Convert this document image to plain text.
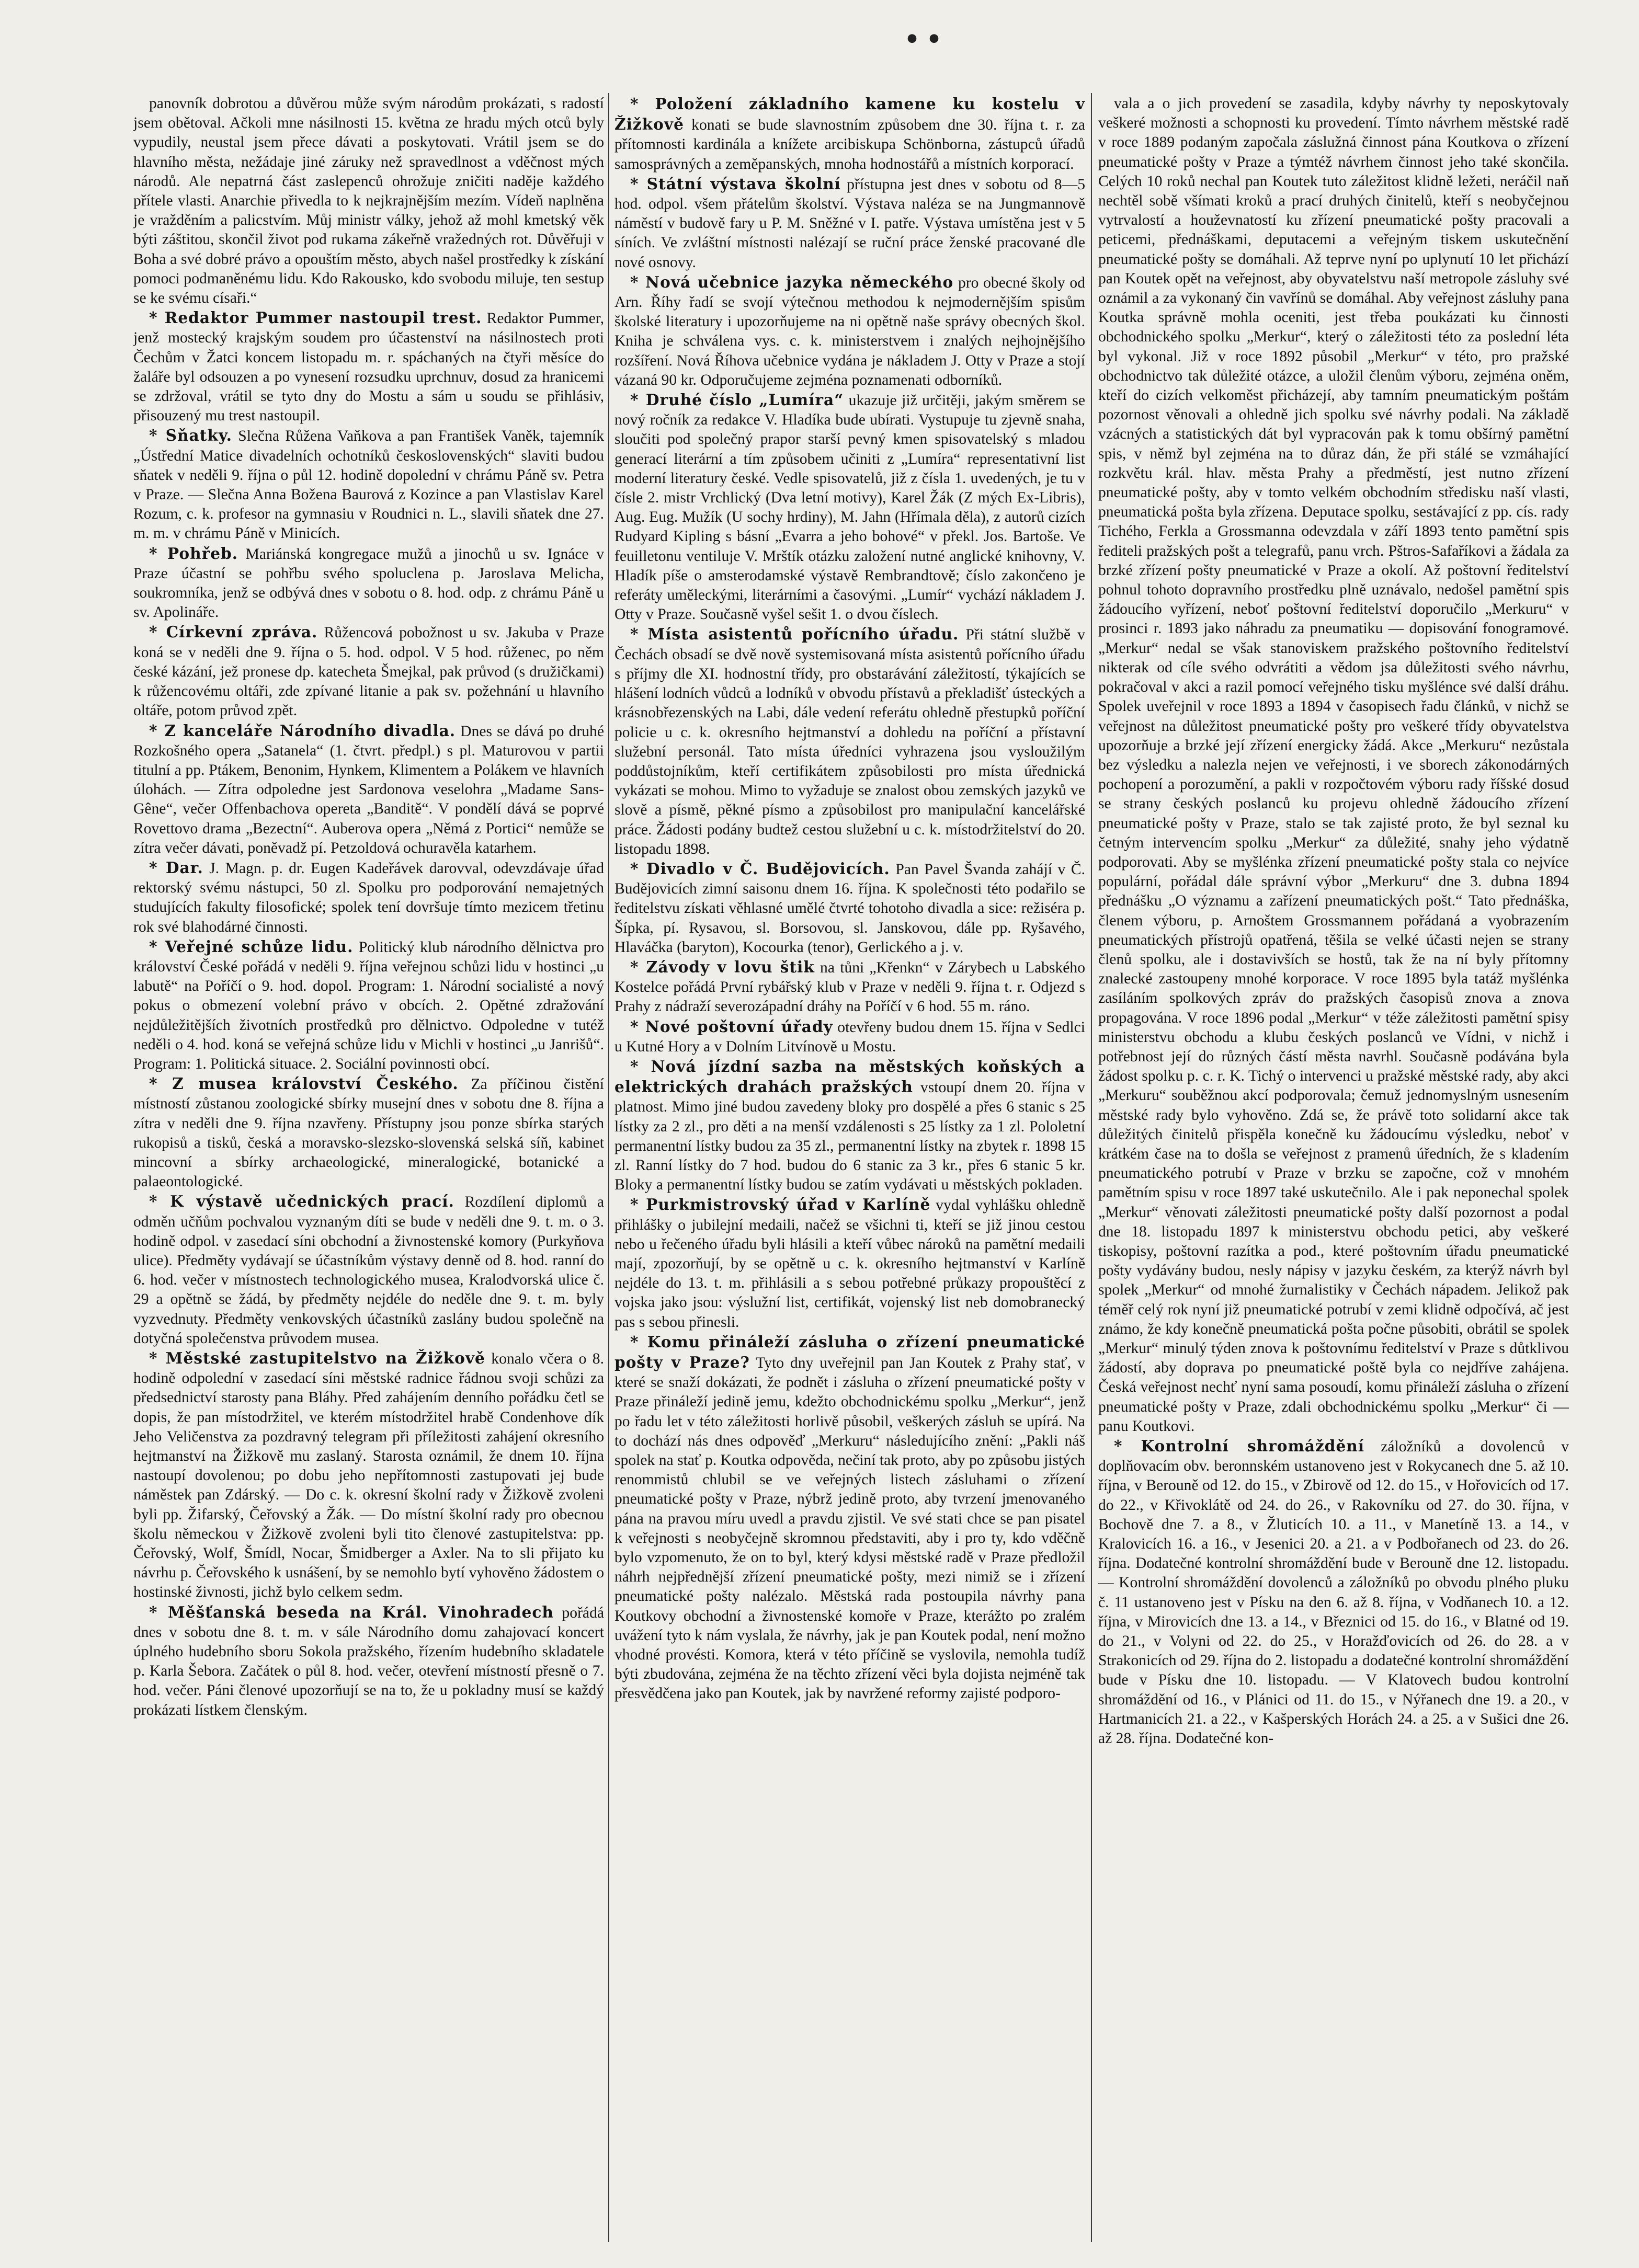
• •

panovník dobrotou a důvěrou může svým národům prokázati, s radostí jsem obětoval. Ačkoli mne násilnosti 15. května ze hradu mých otců byly vypudily, neustal jsem přece dávati a poskytovati. Vrátil jsem se do hlavního města, nežádaje jiné záruky než spravedlnost a vděčnost mých národů. Ale nepatrná část zaslepenců ohrožuje zničiti naděje každého přítele vlasti. Anarchie přivedla to k nejkrajnějším mezím. Vídeň naplněna je vražděním a palicstvím. Můj ministr války, jehož až mohl kmetský věk býti záštitou, skončil život pod rukama zákeřně vražedných rot. Důvěřuji v Boha a své dobré právo a opouštím město, abych našel prostředky k získání pomoci podmaněnému lidu. Kdo Rakousko, kdo svobodu miluje, ten sestup se ke svému císaři.“

* Redaktor Pummer nastoupil trest. Redaktor Pummer, jenž mostecký krajským soudem pro účastenství na násilnostech proti Čechům v Žatci koncem listopadu m. r. spáchaných na čtyři měsíce do žaláře byl odsouzen a po vynesení rozsudku uprchnuv, dosud za hranicemi se zdržoval, vrátil se tyto dny do Mostu a sám u soudu se přihlásiv, přisouzený mu trest nastoupil.

* Sňatky. Slečna Růžena Vaňkova a pan František Vaněk, tajemník „Ústřední Matice divadelních ochotníků československých“ slaviti budou sňatek v neděli 9. října o půl 12. hodině dopolední v chrámu Páně sv. Petra v Praze. — Slečna Anna Božena Baurová z Kozince a pan Vlastislav Karel Rozum, c. k. profesor na gymnasiu v Roudnici n. L., slavili sňatek dne 27. m. m. v chrámu Páně v Minicích.

* Pohřeb. Mariánská kongregace mužů a jinochů u sv. Ignáce v Praze účastní se pohřbu svého spoluclena p. Jaroslava Melicha, soukromníka, jenž se odbývá dnes v sobotu o 8. hod. odp. z chrámu Páně u sv. Apolináře.

* Církevní zpráva. Růžencová pobožnost u sv. Jakuba v Praze koná se v neděli dne 9. října o 5. hod. odpol. V 5 hod. růženec, po něm české kázání, jež pronese dp. katecheta Šmejkal, pak průvod (s družičkami) k růžencovému oltáři, zde zpívané litanie a pak sv. požehnání u hlavního oltáře, potom průvod zpět.

* Z kanceláře Národního divadla. Dnes se dává po druhé Rozkošného opera „Satanela“ (1. čtvrt. předpl.) s pl. Maturovou v partii titulní a pp. Ptákem, Benonim, Hynkem, Klimentem a Polákem ve hlavních úlohách. — Zítra odpoledne jest Sardonova veselohra „Madame Sans-Gêne“, večer Offenbachova opereta „Banditě“. V pondělí dává se poprvé Rovettovo drama „Bezectní“. Auberova opera „Němá z Portici“ nemůže se zítra večer dávati, poněvadž pí. Petzoldová ochuravěla katarhem.

* Dar. J. Magn. p. dr. Eugen Kadeřávek darovval, odevzdávaje úřad rektorský svému nástupci, 50 zl. Spolku pro podporování nemajetných studujících fakulty filosofické; spolek tení dovršuje tímto mezicem třetinu rok své blahodárné činnosti.

* Veřejné schůze lidu. Politický klub národního dělnictva pro království České pořádá v neděli 9. října veřejnou schůzi lidu v hostinci „u labutě“ na Poříčí o 9. hod. dopol. Program: 1. Národní socialisté a nový pokus o obmezení volební právo v obcích. 2. Opětné zdražování nejdůležitějších životních prostředků pro dělnictvo. Odpoledne v tutéž neděli o 4. hod. koná se veřejná schůze lidu v Michli v hostinci „u Janrišů“. Program: 1. Politická situace. 2. Sociální povinnosti obcí.

* Z musea království Českého. Za příčinou čistění místností zůstanou zoologické sbírky musejní dnes v sobotu dne 8. října a zítra v neděli dne 9. října nzavřeny. Přístupny jsou ponze sbírka starých rukopisů a tisků, česká a moravsko-slezsko-slovenská selská síň, kabinet mincovní a sbírky archaeologické, mineralogické, botanické a palaeontologické.

* K výstavě učednických prací. Rozdílení diplomů a odměn učňům pochvalou vyznaným díti se bude v neděli dne 9. t. m. o 3. hodině odpol. v zasedací síni obchodní a živnostenské komory (Purkyňova ulice). Předměty vydávají se účastníkům výstavy denně od 8. hod. ranní do 6. hod. večer v místnostech technologického musea, Kralodvorská ulice č. 29 a opětně se žádá, by předměty nejdéle do neděle dne 9. t. m. byly vyzvednuty. Předměty venkovských účastníků zaslány budou společně na dotyčná společenstva průvodem musea.

* Městské zastupitelstvo na Žižkově konalo včera o 8. hodině odpolední v zasedací síni městské radnice řádnou svoji schůzi za předsednictví starosty pana Bláhy. Před zahájením denního pořádku četl se dopis, že pan místodržitel, ve kterém místodržitel hrabě Condenhove dík Jeho Veličenstva za pozdravný telegram při příležitosti zahájení okresního hejtmanství na Žižkově mu zaslaný. Starosta oznámil, že dnem 10. října nastoupí dovolenou; po dobu jeho nepřítomnosti zastupovati jej bude náměstek pan Zdárský. — Do c. k. okresní školní rady v Žižkově zvoleni byli pp. Žifarský, Čeřovský a Žák. — Do místní školní rady pro obecnou školu německou v Žižkově zvoleni byli tito členové zastupitelstva: pp. Čeřovský, Wolf, Šmídl, Nocar, Šmidberger a Axler. Na to sli přijato ku návrhu p. Čeřovského k usnášení, by se nemohlo bytí vyhověno žádostem o hostinské živnosti, jichž bylo celkem sedm.

* Měšťanská beseda na Král. Vinohradech pořádá dnes v sobotu dne 8. t. m. v sále Národního domu zahajovací koncert úplného hudebního sboru Sokola pražského, řízením hudebního skladatele p. Karla Šebora. Začátek o půl 8. hod. večer, otevření místností přesně o 7. hod. večer. Páni členové upozorňují se na to, že u pokladny musí se každý prokázati lístkem členským.

* Položení základního kamene ku kostelu v Žižkově konati se bude slavnostním způsobem dne 30. října t. r. za přítomnosti kardinála a knížete arcibiskupa Schönborna, zástupců úřadů samosprávných a zeměpanských, mnoha hodnostářů a místních korporací.

* Státní výstava školní přístupna jest dnes v sobotu od 8—5 hod. odpol. všem přátelům školství. Výstava naléza se na Jungmannově náměstí v budově fary u P. M. Sněžné v I. patře. Výstava umístěna jest v 5 síních. Ve zvláštní místnosti nalézají se ruční práce ženské pracované dle nové osnovy.

* Nová učebnice jazyka německého pro obecné školy od Arn. Říhy řadí se svojí výtečnou methodou k nejmodernějším spisům školské literatury i upozorňujeme na ni opětně naše správy obecných škol. Kniha je schválena vys. c. k. ministerstvem i znalých nejhojnějšího rozšíření. Nová Říhova učebnice vydána je nákladem J. Otty v Praze a stojí vázaná 90 kr. Odporučujeme zejména poznamenati odborníků.

* Druhé číslo „Lumíra“ ukazuje již určitěji, jakým směrem se nový ročník za redakce V. Hladíka bude ubírati. Vystupuje tu zjevně snaha, sloučiti pod společný prapor starší pevný kmen spisovatelský s mladou generací literární a tím způsobem učiniti z „Lumíra“ representativní list moderní literatury české. Vedle spisovatelů, již z čísla 1. uvedených, je tu v čísle 2. mistr Vrchlický (Dva letní motivy), Karel Žák (Z mých Ex-Libris), Aug. Eug. Mužík (U sochy hrdiny), M. Jahn (Hřímala děla), z autorů cizích Rudyard Kipling s básní „Evarra a jeho bohové“ v překl. Jos. Bartoše. Ve feuilletonu ventiluje V. Mrštík otázku založení nutné anglické knihovny, V. Hladík píše o amsterodamské výstavě Rembrandtově; číslo zakončeno je referáty uměleckými, literárními a časovými. „Lumír“ vychází nákladem J. Otty v Praze. Současně vyšel sešit 1. o dvou číslech.

* Místa asistentů pořícního úřadu. Při státní službě v Čechách obsadí se dvě nově systemisovaná místa asistentů pořícního úřadu s příjmy dle XI. hodnostní třídy, pro obstarávání záležitostí, týkajících se hlášení lodních vůdců a lodníků v obvodu přístavů a překladišť ústeckých a krásnobřezenských na Labi, dále vedení referátu ohledně přestupků poříční policie u c. k. okresního hejtmanství a dohledu na poříční a přístavní služební personál. Tato místa úředníci vyhrazena jsou vysloužilým poddůstojníkům, kteří certifikátem způsobilosti pro místa úřednická vykázati se mohou. Mimo to vyžaduje se znalost obou zemských jazyků ve slově a písmě, pěkné písmo a způsobilost pro manipulační kancelářské práce. Žádosti podány budtež cestou služební u c. k. místodržitelství do 20. listopadu 1898.

* Divadlo v Č. Budějovicích. Pan Pavel Švanda zahájí v Č. Budějovicích zimní saisonu dnem 16. října. K společnosti této podařilo se ředitelstvu získati věhlasné umělé čtvrté tohotoho divadla a sice: režiséra p. Šípka, pí. Rysavou, sl. Borsovou, sl. Janskovou, dále pp. Ryšavého, Hlaváčka (barytoп), Kocourka (tenor), Gerlického a j. v.

* Závody v lovu štik na tůni „Křenkn“ v Zárybech u Labského Kostelce pořádá První rybářský klub v Praze v neděli 9. října t. r. Odjezd s Prahy z nádraží severozápadní dráhy na Poříčí v 6 hod. 55 m. ráno.

* Nové poštovní úřady otevřeny budou dnem 15. října v Sedlci u Kutné Hory a v Dolním Litvínově u Mostu.

* Nová jízdní sazba na městských koňských a elektrických drahách pražských vstoupí dnem 20. října v platnost. Mimo jiné budou zavedeny bloky pro dospělé a přes 6 stanic s 25 lístky za 2 zl., pro děti a na menší vzdálenosti s 25 lístky za 1 zl. Pololetní permanentní lístky budou za 35 zl., permanentní lístky na zbytek r. 1898 15 zl. Ranní lístky do 7 hod. budou do 6 stanic za 3 kr., přes 6 stanic 5 kr. Bloky a permanentní lístky budou se zatím vydávati u městských pokladen.

* Purkmistrovský úřad v Karlíně vydal vyhlášku ohledně přihlášky o jubilejní medaili, načež se všichni ti, kteří se již jinou cestou nebo u řečeného úřadu byli hlásili a kteří vůbec nároků na pamětní medaili mají, zpozorňují, by se opětně u c. k. okresního hejtmanství v Karlíně nejdéle do 13. t. m. přihlásili a s sebou potřebné průkazy propouštěcí z vojska jako jsou: výslužní list, certifikát, vojenský list neb domobranecký pas s sebou přinesli.

* Komu přináleží zásluha o zřízení pneumatické pošty v Praze? Tyto dny uveřejnil pan Jan Koutek z Prahy stať, v které se snaží dokázati, že podnět i zásluha o zřízení pneumatické pošty v Praze přináleží jedině jemu, kdežto obchodnickému spolku „Merkur“, jenž po řadu let v této záležitosti horlivě působil, veškerých zásluh se upírá. Na to dochází nás dnes odpověď „Merkuru“ následujícího znění: „Pakli náš spolek na stať p. Koutka odpověda, nečiní tak proto, aby po způsobu jistých renommistů chlubil se ve veřejných listech zásluhami o zřízení pneumatické pošty v Praze, nýbrž jedině proto, aby tvrzení jmenovaného pána na pravou míru uvedl a pravdu zjistil. Ve své stati chce se pan pisatel k veřejnosti s neobyčejně skromnou představiti, aby i pro ty, kdo vděčně bylo vzpomenuto, že on to byl, který kdysi městské radě v Praze předložil náhrh nejpřednější zřízení pneumatické pošty, mezi nimiž se i zřízení pneumatické pošty nalézalo. Městská rada postoupila návrhy pana Koutkovy obchodní a živnostenské komoře v Praze, kterážto po zralém uvážení tyto k nám vyslala, že návrhy, jak je pan Koutek podal, není možno vhodné provésti. Komora, která v této příčině se vyslovila, nemohla tudíž býti zbudována, zejména že na těchto zřízení věci byla dojista nejméně tak přesvědčena jako pan Koutek, jak by navržené reformy zajisté podporo-

vala a o jich provedení se zasadila, kdyby návrhy ty neposkytovaly veškeré možnosti a schopnosti ku provedení. Tímto návrhem městské radě v roce 1889 podaným započala záslužná činnost pána Koutkova o zřízení pneumatické pošty v Praze a týmtéž návrhem činnost jeho také skončila. Celých 10 roků nechal pan Koutek tuto záležitost klidně ležeti, neráčil naň nechtěl sobě všímati kroků a prací druhých činitelů, kteří s neobyčejnou vytrvalostí a houževnatostí ku zřízení pneumatické pošty pracovali a peticemi, přednáškami, deputacemi a veřejným tiskem uskutečnění pneumatické pošty se domáhali. Až teprve nyní po uplynutí 10 let přichází pan Koutek opět na veřejnost, aby obyvatelstvu naší metropole zásluhy své oznámil a za vykonaný čin vavřínů se domáhal. Aby veřejnost zásluhy pana Koutka správně mohla oceniti, jest třeba poukázati ku činnosti obchodnického spolku „Merkur“, který o záležitosti této za poslední léta byl vykonal. Již v roce 1892 působil „Merkur“ v této, pro pražské obchodnictvo tak důležité otázce, a uložil členům výboru, zejména oněm, kteří do cizích velkoměst přicházejí, aby tamním pneumatickým poštám pozornost věnovali a ohledně jich spolku své návrhy podali. Na základě vzácných a statistických dát byl vypracován pak k tomu obšírný pamětní spis, v němž byl zejména na to důraz dán, že při stálé se vzmáhající rozkvětu král. hlav. města Prahy a předměstí, jest nutno zřízení pneumatické pošty, aby v tomto velkém obchodním středisku naší vlasti, pneumatická pošta byla zřízena. Deputace spolku, sestávající z pp. cís. rady Tichého, Ferkla a Grossmanna odevzdala v září 1893 tento pamětní spis řediteli pražských pošt a telegrafů, panu vrch. Pštros-Safaříkovi a žádala za brzké zřízení pošty pneumatické v Praze a okolí. Až poštovní ředitelství pohnul tohoto dopravního prostředku plně uznávalo, nedošel pamětní spis žádoucího vyřízení, neboť poštovní ředitelství doporučilo „Merkuru“ v prosinci r. 1893 jako náhradu za pneumatiku — dopisování fonogramové. „Merkur“ nedal se však stanoviskem pražského poštovního ředitelství nikterak od cíle svého odvrátiti a vědom jsa důležitosti svého návrhu, pokračoval v akci a razil pomocí veřejného tisku myšlénce své další dráhu. Spolek uveřejnil v roce 1893 a 1894 v časopisech řadu článků, v nichž se veřejnost na důležitost pneumatické pošty pro veškeré třídy obyvatelstva upozorňuje a brzké její zřízení energicky žádá. Akce „Merkuru“ nezůstala bez výsledku a nalezla nejen ve veřejnosti, i ve sborech zákonodárných pochopení a porozumění, a pakli v rozpočtovém výboru rady říšské dosud se strany českých poslanců ku projevu ohledně žádoucího zřízení pneumatické pošty v Praze, stalo se tak zajisté proto, že byl seznal ku četným intervencím spolku „Merkur“ za důležité, snahy jeho výdatně podporovati. Aby se myšlénka zřízení pneumatické pošty stala co nejvíce populární, pořádal dále správní výbor „Merkuru“ dne 3. dubna 1894 přednášku „O významu a zařízení pneumatických pošt.“ Tato přednáška, členem výboru, p. Arnoštem Grossmannem pořádaná a vyobrazením pneumatických přístrojů opatřená, těšila se velké účasti nejen se strany členů spolku, ale i dostavivších se hostů, tak že na ní byly přítomny znalecké zastoupeny mnohé korporace. V roce 1895 byla tatáž myšlénka zasíláním spolkových zpráv do pražských časopisů znova a znova propagována. V roce 1896 podal „Merkur“ v téže záležitosti pamětní spisy ministerstvu obchodu a klubu českých poslanců ve Vídni, v nichž i potřebnost její do různých částí města navrhl. Současně podávána byla žádost spolku p. c. r. K. Tichý o intervenci u pražské městské rady, aby akci „Merkuru“ souběžnou akcí podporovala; čemuž jednomyslným usnesením městské rady bylo vyhověno. Zdá se, že právě toto solidarní akce tak důležitých činitelů přispěla konečně ku žádoucímu výsledku, neboť v krátkém čase na to došla se veřejnost z pramenů úředních, že s kladením pneumatického potrubí v Praze v brzku se započne, což v mnohém pamětním spisu v roce 1897 také uskutečnilo. Ale i pak neponechal spolek „Merkur“ věnovati záležitosti pneumatické pošty další pozornost a podal dne 18. listopadu 1897 k ministerstvu obchodu petici, aby veškeré tiskopisy, poštovní razítka a pod., které poštovním úřadu pneumatické pošty vydávány budou, nesly nápisy v jazyku českém, za kterýž návrh byl spolek „Merkur“ od mnohé žurnalistiky v Čechách nápadem. Jelikož pak téměř celý rok nyní již pneumatické potrubí v zemi klidně odpočívá, ač jest známo, že kdy konečně pneumatická pošta počne působiti, obrátil se spolek „Merkur“ minulý týden znova k poštovnímu ředitelství v Praze s důtklivou žádostí, aby doprava po pneumatické poště byla co nejdříve zahájena. Česká veřejnost nechť nyní sama posoudí, komu přináleží zásluha o zřízení pneumatické pošty v Praze, zdali obchodnickému spolku „Merkur“ či — panu Koutkovi.

* Kontrolní shromáždění záložníků a dovolenců v doplňovacím obv. beronnském ustanoveno jest v Rokycanech dne 5. až 10. října, v Berouně od 12. do 15., v Zbirově od 12. do 15., v Hořovicích od 17. do 22., v Křivoklátě od 24. do 26., v Rakovníku od 27. do 30. října, v Bochově dne 7. a 8., v Žluticích 10. a 11., v Manetíně 13. a 14., v Kralovicích 16. a 16., v Jesenici 20. a 21. a v Podbořanech od 23. do 26. října. Dodatečné kontrolní shromáždění bude v Berouně dne 12. listopadu. — Kontrolní shromáždění dovolenců a záložníků po obvodu plného pluku č. 11 ustanoveno jest v Písku na den 6. až 8. října, v Vodňanech 10. a 12. října, v Mirovicích dne 13. a 14., v Březnici od 15. do 16., v Blatné od 19. do 21., v Volyni od 22. do 25., v Horažďovicích od 26. do 28. a v Strakonicích od 29. října do 2. listopadu a dodatečné kontrolní shromáždění bude v Písku dne 10. listopadu. — V Klatovech budou kontrolní shromáždění od 16., v Plánici od 11. do 15., v Nýřanech dne 19. a 20., v Hartmanicích 21. a 22., v Kašperských Horách 24. a 25. a v Sušici dne 26. až 28. října. Dodatečné kon-
